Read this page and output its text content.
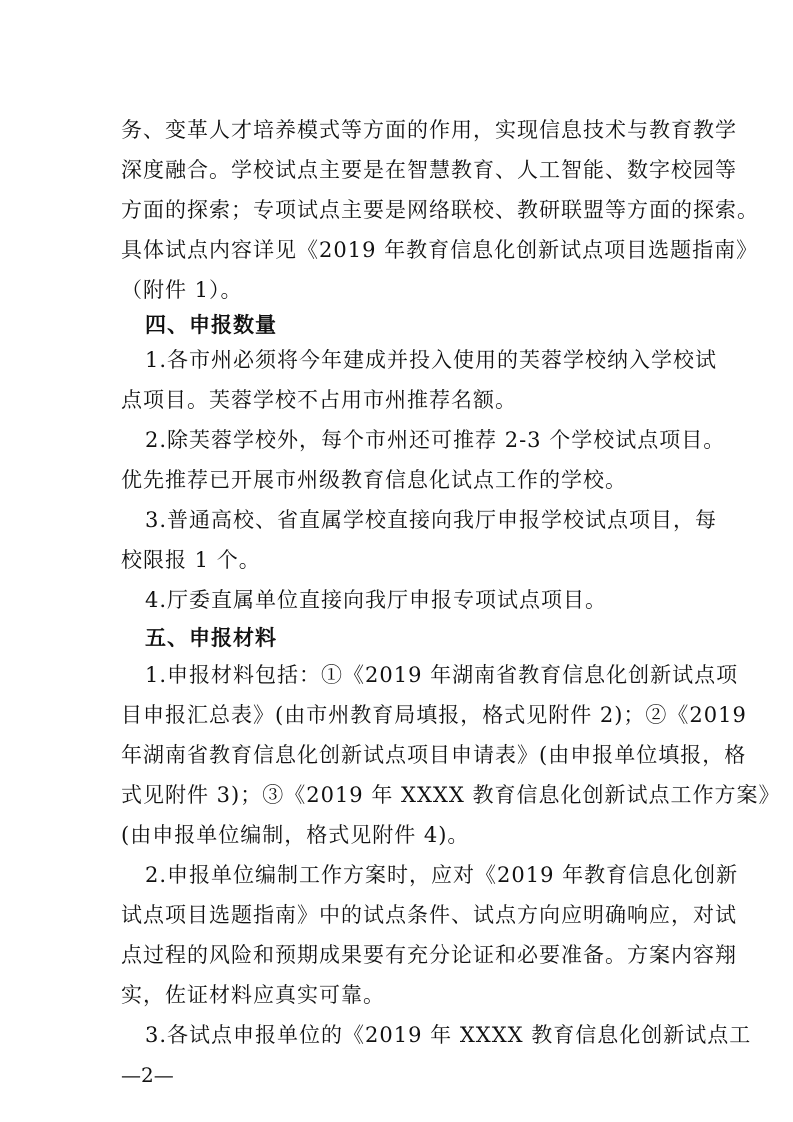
务、变革人才培养模式等方面的作用，实现信息技术与教育教学
深度融合。学校试点主要是在智慧教育、人工智能、数字校园等
方面的探索；专项试点主要是网络联校、教研联盟等方面的探索。
具体试点内容详见《2019 年教育信息化创新试点项目选题指南》
（附件 1）。
四、申报数量
1.各市州必须将今年建成并投入使用的芙蓉学校纳入学校试
点项目。芙蓉学校不占用市州推荐名额。
2.除芙蓉学校外，每个市州还可推荐 2-3 个学校试点项目。
优先推荐已开展市州级教育信息化试点工作的学校。
3.普通高校、省直属学校直接向我厅申报学校试点项目，每
校限报 1 个。
4.厅委直属单位直接向我厅申报专项试点项目。
五、申报材料
1.申报材料包括：①《2019 年湖南省教育信息化创新试点项
目申报汇总表》(由市州教育局填报，格式见附件 2)；②《2019
年湖南省教育信息化创新试点项目申请表》(由申报单位填报，格
式见附件 3)；③《2019 年 XXXX 教育信息化创新试点工作方案》
(由申报单位编制，格式见附件 4)。
2.申报单位编制工作方案时，应对《2019 年教育信息化创新
试点项目选题指南》中的试点条件、试点方向应明确响应，对试
点过程的风险和预期成果要有充分论证和必要准备。方案内容翔
实，佐证材料应真实可靠。
3.各试点申报单位的《2019 年 XXXX 教育信息化创新试点工
—2—
